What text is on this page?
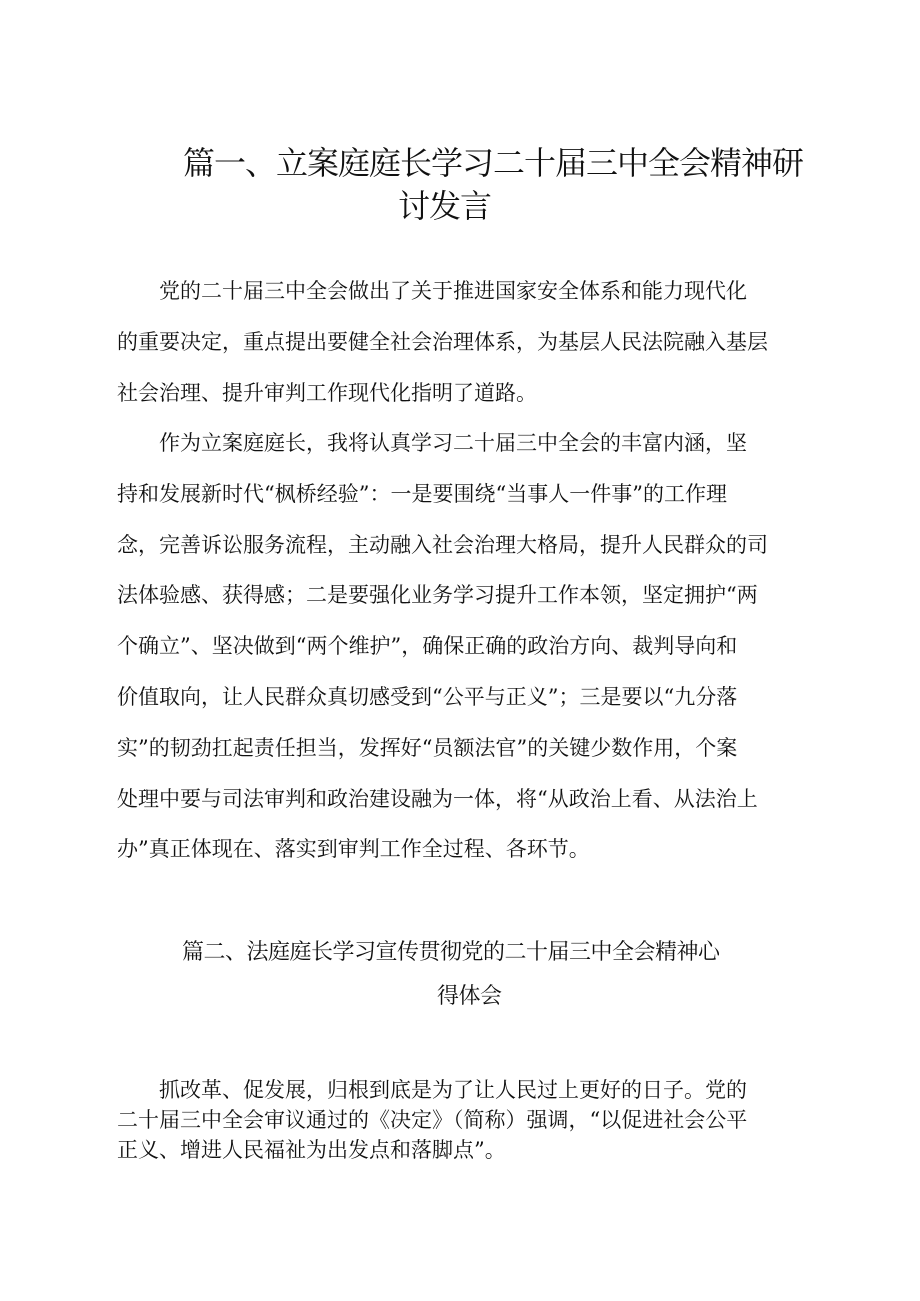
篇一、立案庭庭长学习二十届三中全会精神研
讨发言

　　党的二十届三中全会做出了关于推进国家安全体系和能力现代化
的重要决定，重点提出要健全社会治理体系，为基层人民法院融入基层
社会治理、提升审判工作现代化指明了道路。

　　作为立案庭庭长，我将认真学习二十届三中全会的丰富内涵，坚
持和发展新时代“枫桥经验”：一是要围绕“当事人一件事”的工作理
念，完善诉讼服务流程，主动融入社会治理大格局，提升人民群众的司
法体验感、获得感；二是要强化业务学习提升工作本领，坚定拥护“两
个确立”、坚决做到“两个维护”，确保正确的政治方向、裁判导向和
价值取向，让人民群众真切感受到“公平与正义”；三是要以“九分落
实”的韧劲扛起责任担当，发挥好“员额法官”的关键少数作用，个案
处理中要与司法审判和政治建设融为一体，将“从政治上看、从法治上
办”真正体现在、落实到审判工作全过程、各环节。

篇二、法庭庭长学习宣传贯彻党的二十届三中全会精神心
得体会

　　抓改革、促发展，归根到底是为了让人民过上更好的日子。党的
二十届三中全会审议通过的《决定》（简称）强调，“以促进社会公平
正义、增进人民福祉为出发点和落脚点”。
